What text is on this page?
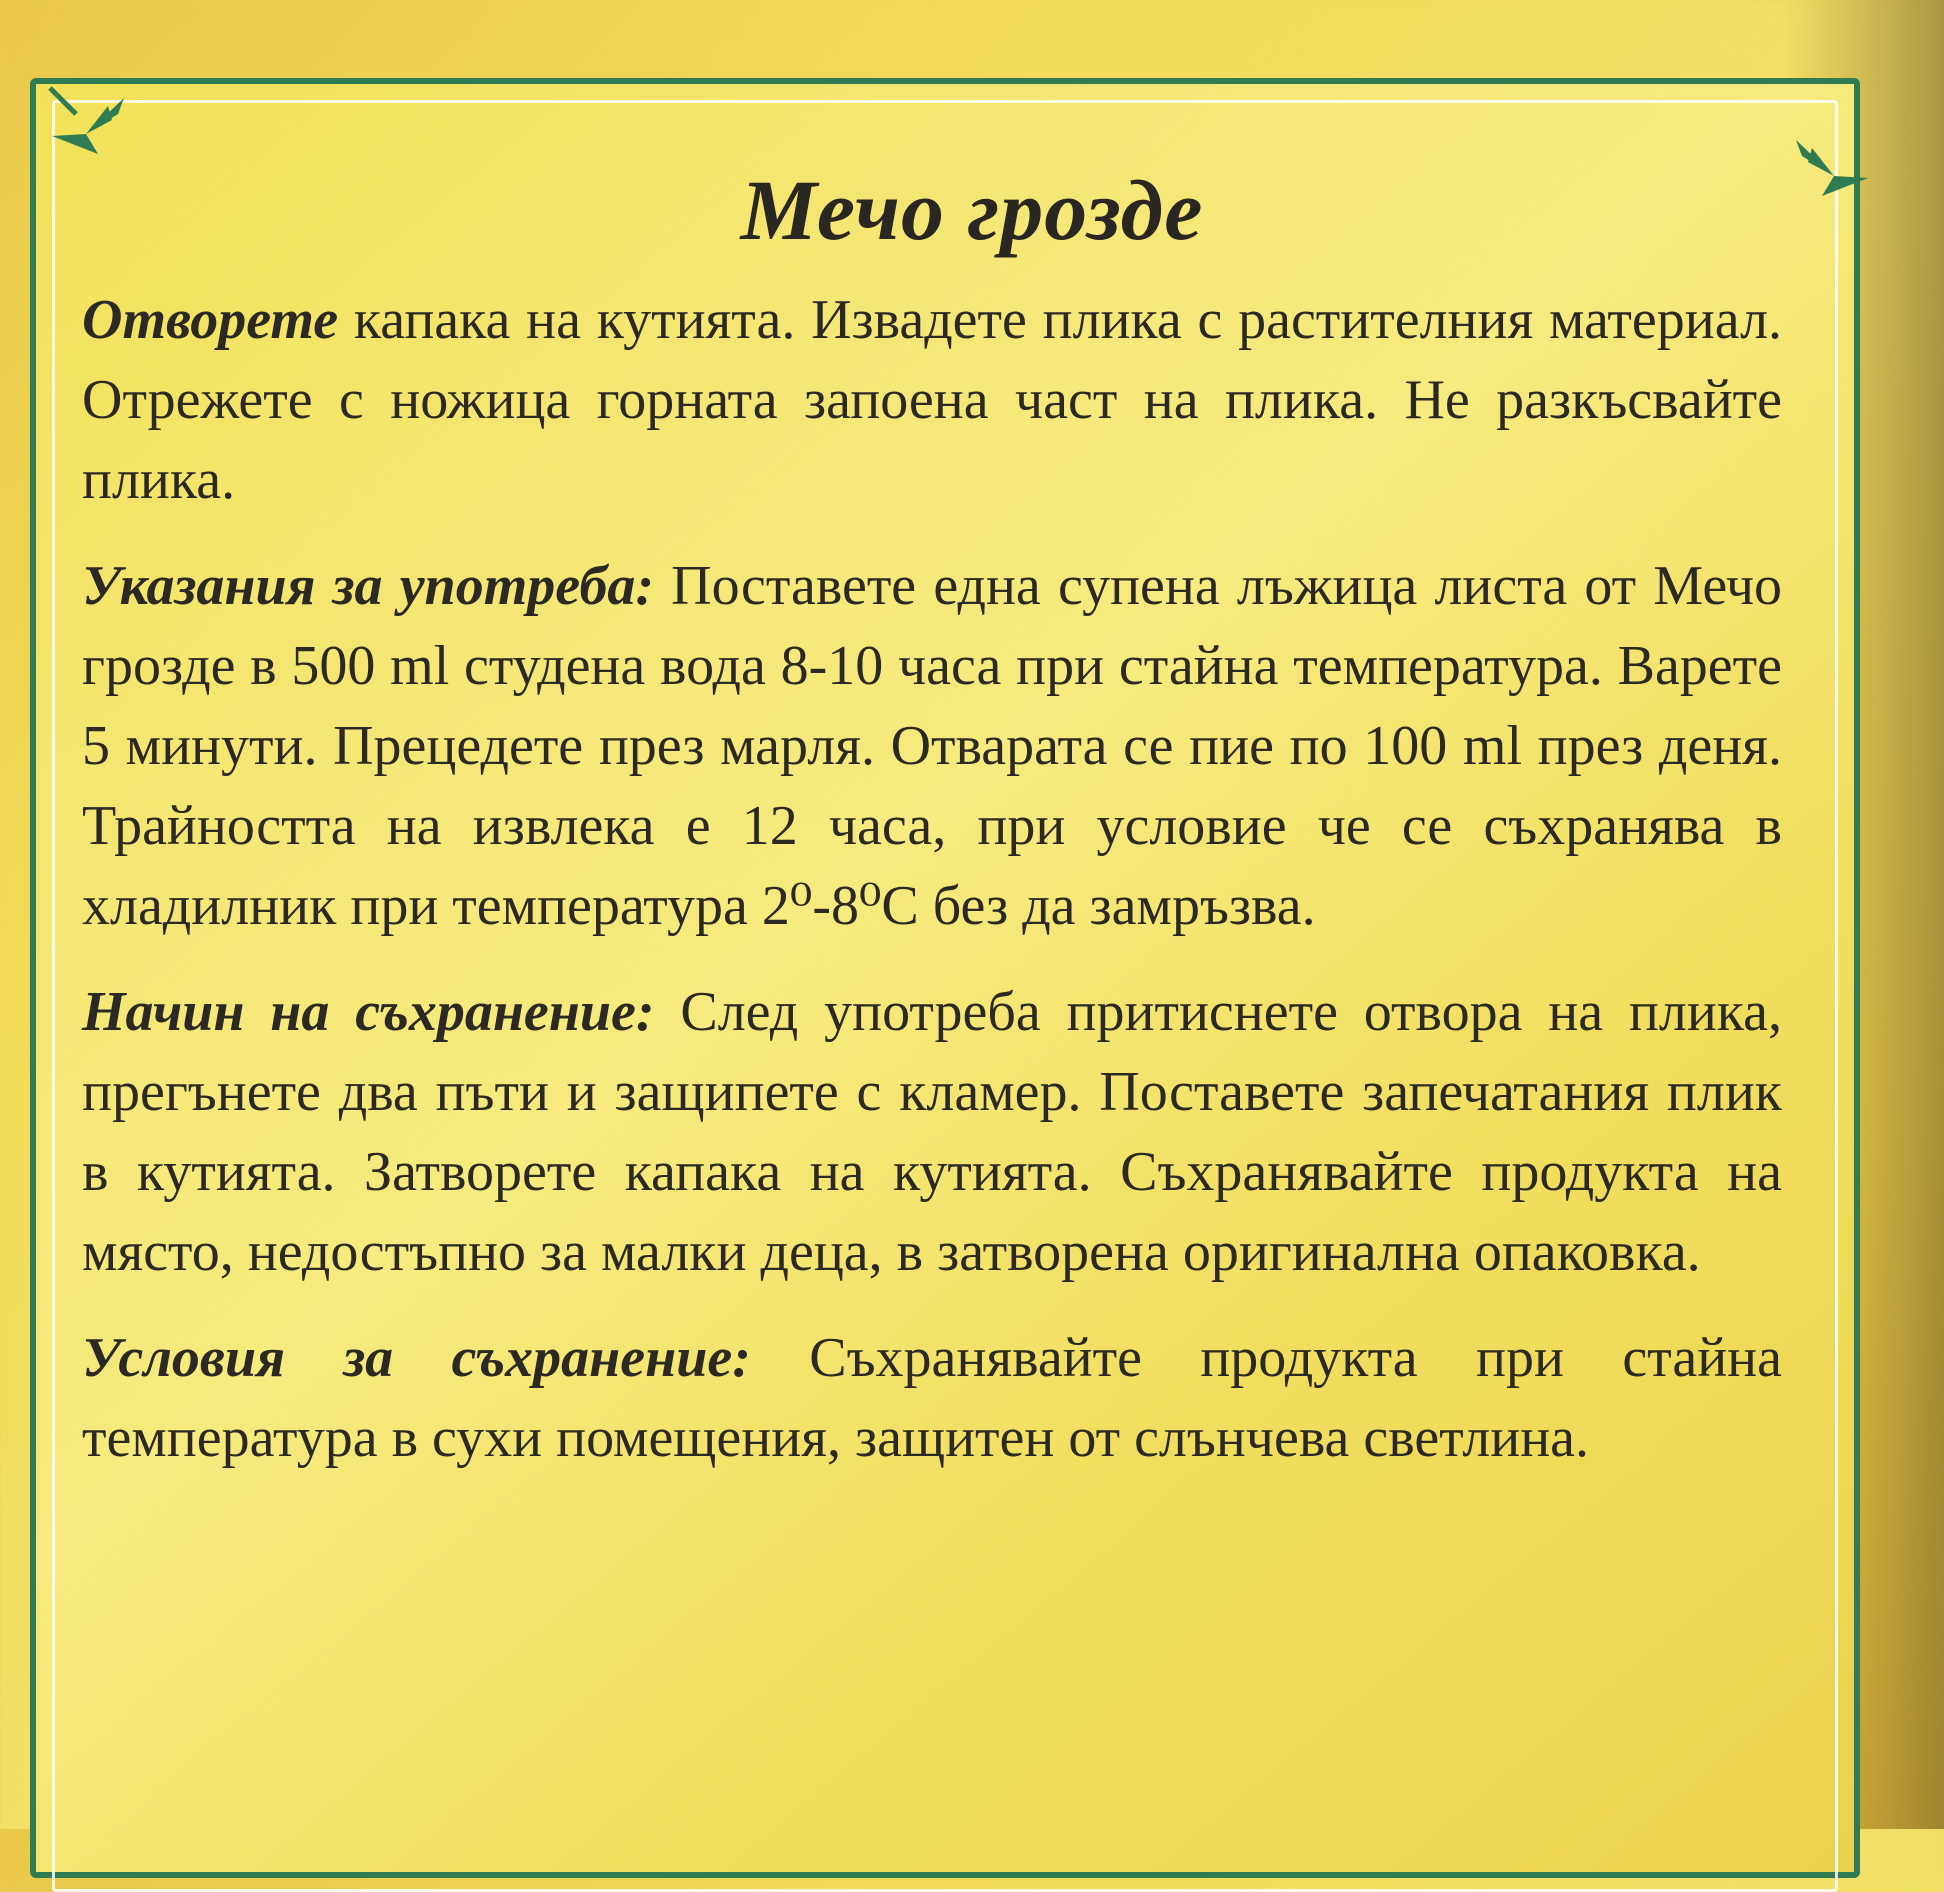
Мечо грозде

Отворете капака на кутията. Извадете плика с растителния материал. Отрежете с ножица горната запоена част на плика. Не разкъсвайте плика.

Указания за употреба: Поставете една супена лъжица листа от Мечо грозде в 500 ml студена вода 8-10 часа при стайна температура. Варете 5 минути. Прецедете през марля. Отварата се пие по 100 ml през деня. Трайността на извлека е 12 часа, при условие че се съхранява в хладилник при температура 2⁰-8⁰С без да замръзва.

Начин на съхранение: След употреба притиснете отвора на плика, прегънете два пъти и защипете с кламер. Поставете запечатания плик в кутията. Затворете капака на кутията. Съхранявайте продукта на място, недостъпно за малки деца, в затворена оригинална опаковка.

Условия за съхранение: Съхранявайте продукта при стайна температура в сухи помещения, защитен от слънчева светлина.
